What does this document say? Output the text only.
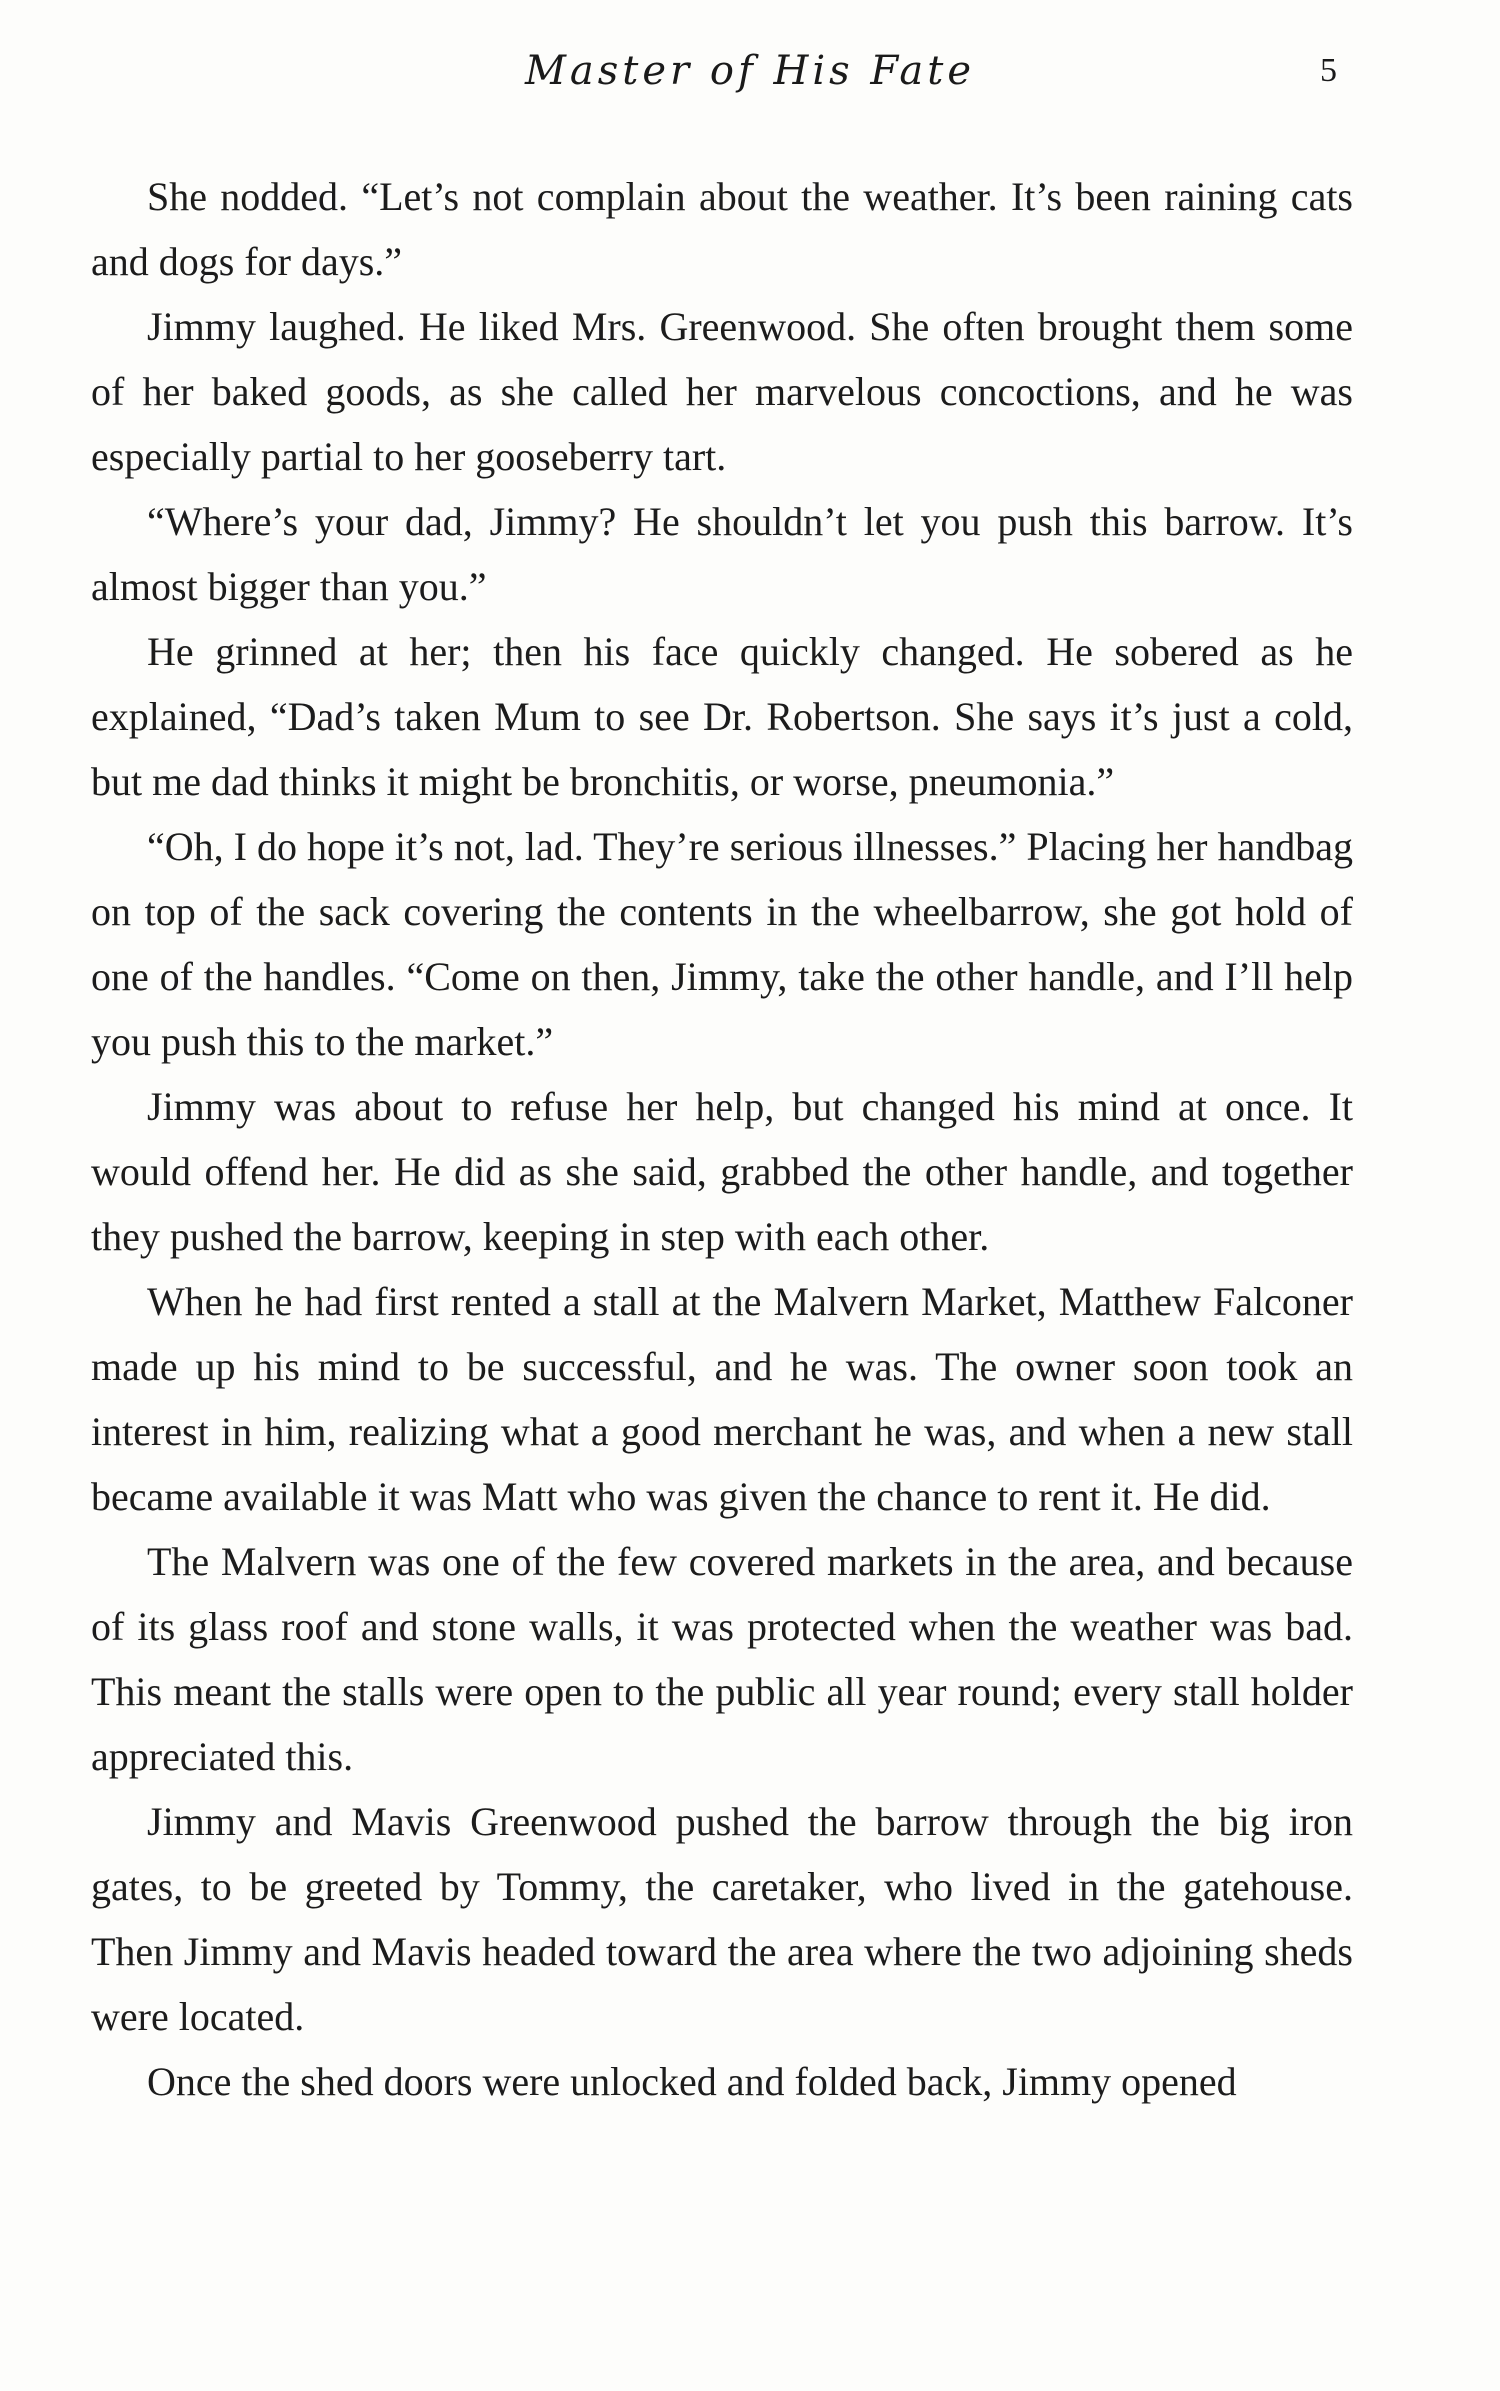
Master of His Fate	5

She nodded. “Let’s not complain about the weather. It’s been raining cats and dogs for days.”

Jimmy laughed. He liked Mrs. Greenwood. She often brought them some of her baked goods, as she called her marvelous concoctions, and he was especially partial to her gooseberry tart.

“Where’s your dad, Jimmy? He shouldn’t let you push this barrow. It’s almost bigger than you.”

He grinned at her; then his face quickly changed. He sobered as he explained, “Dad’s taken Mum to see Dr. Robertson. She says it’s just a cold, but me dad thinks it might be bronchitis, or worse, pneumonia.”

“Oh, I do hope it’s not, lad. They’re serious illnesses.” Placing her handbag on top of the sack covering the contents in the wheelbarrow, she got hold of one of the handles. “Come on then, Jimmy, take the other handle, and I’ll help you push this to the market.”

Jimmy was about to refuse her help, but changed his mind at once. It would offend her. He did as she said, grabbed the other handle, and together they pushed the barrow, keeping in step with each other.

When he had first rented a stall at the Malvern Market, Matthew Falconer made up his mind to be successful, and he was. The owner soon took an interest in him, realizing what a good merchant he was, and when a new stall became available it was Matt who was given the chance to rent it. He did.

The Malvern was one of the few covered markets in the area, and because of its glass roof and stone walls, it was protected when the weather was bad. This meant the stalls were open to the public all year round; every stall holder appreciated this.

Jimmy and Mavis Greenwood pushed the barrow through the big iron gates, to be greeted by Tommy, the caretaker, who lived in the gatehouse. Then Jimmy and Mavis headed toward the area where the two adjoining sheds were located.

Once the shed doors were unlocked and folded back, Jimmy opened
